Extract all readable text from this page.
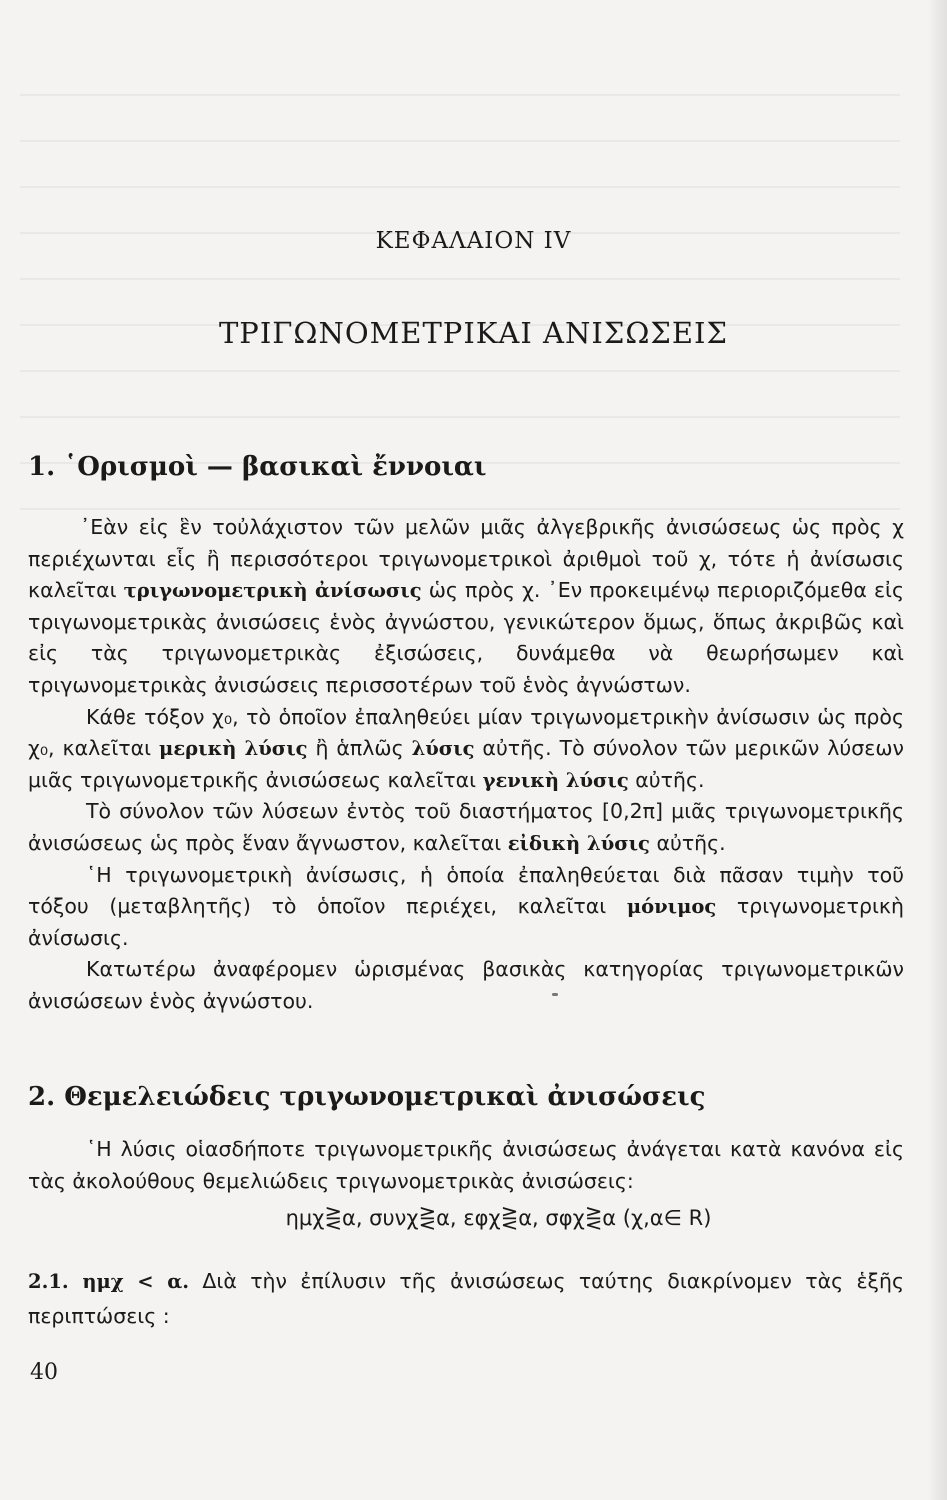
ΚΕΦΑΛΑΙΟΝ IV
ΤΡΙΓΩΝΟΜΕΤΡΙΚΑΙ ΑΝΙΣΩΣΕΙΣ
1. ῾Ορισμοὶ — βασικαὶ ἔννοιαι

᾿Εὰν εἰς ἓν τοὐλάχιστον τῶν μελῶν μιᾶς ἀλγεβρικῆς ἀνισώσεως ὡς πρὸς χ περιέχωνται εἷς ἢ περισσότεροι τριγωνομετρικοὶ ἀριθμοὶ τοῦ χ, τότε ἡ ἀνίσωσις καλεῖται τριγωνομετρικὴ ἀνίσωσις ὡς πρὸς χ. ᾿Εν προκειμένῳ περιοριζόμεθα εἰς τριγωνομετρικὰς ἀνισώσεις ἑνὸς ἀγνώστου, γενικώτερον ὅμως, ὅπως ἀκριβῶς καὶ εἰς τὰς τριγωνομετρικὰς ἐξισώσεις, δυνάμεθα νὰ θεωρήσωμεν καὶ τριγωνομετρικὰς ἀνισώσεις περισσοτέρων τοῦ ἑνὸς ἀγνώστων.

Κάθε τόξον χ₀, τὸ ὁποῖον ἐπαληθεύει μίαν τριγωνομετρικὴν ἀνίσωσιν ὡς πρὸς χ₀, καλεῖται μερικὴ λύσις ἢ ἁπλῶς λύσις αὐτῆς. Τὸ σύνολον τῶν μερικῶν λύσεων μιᾶς τριγωνομετρικῆς ἀνισώσεως καλεῖται γενικὴ λύσις αὐτῆς.

Τὸ σύνολον τῶν λύσεων ἐντὸς τοῦ διαστήματος [0,2π] μιᾶς τριγωνομετρικῆς ἀνισώσεως ὡς πρὸς ἕναν ἄγνωστον, καλεῖται εἰδικὴ λύσις αὐτῆς.

῾Η τριγωνομετρικὴ ἀνίσωσις, ἡ ὁποία ἐπαληθεύεται διὰ πᾶσαν τιμὴν τοῦ τόξου (μεταβλητῆς) τὸ ὁποῖον περιέχει, καλεῖται μόνιμος τριγωνομετρικὴ ἀνίσωσις.

Κατωτέρω ἀναφέρομεν ὡρισμένας βασικὰς κατηγορίας τριγωνομετρικῶν ἀνισώσεων ἑνὸς ἀγνώστου.

2. Θεμελειώδεις τριγωνομετρικαὶ ἀνισώσεις

῾Η λύσις οἱασδήποτε τριγωνομετρικῆς ἀνισώσεως ἀνάγεται κατὰ κανόνα εἰς τὰς ἀκολούθους θεμελιώδεις τριγωνομετρικὰς ἀνισώσεις:

ημχ⋛α, συνχ⋛α, εφχ⋛α, σφχ⋛α (χ,α∈ R)
2.1. ημχ < α. Διὰ τὴν ἐπίλυσιν τῆς ἀνισώσεως ταύτης διακρίνομεν τὰς ἑξῆς περιπτώσεις :
40
